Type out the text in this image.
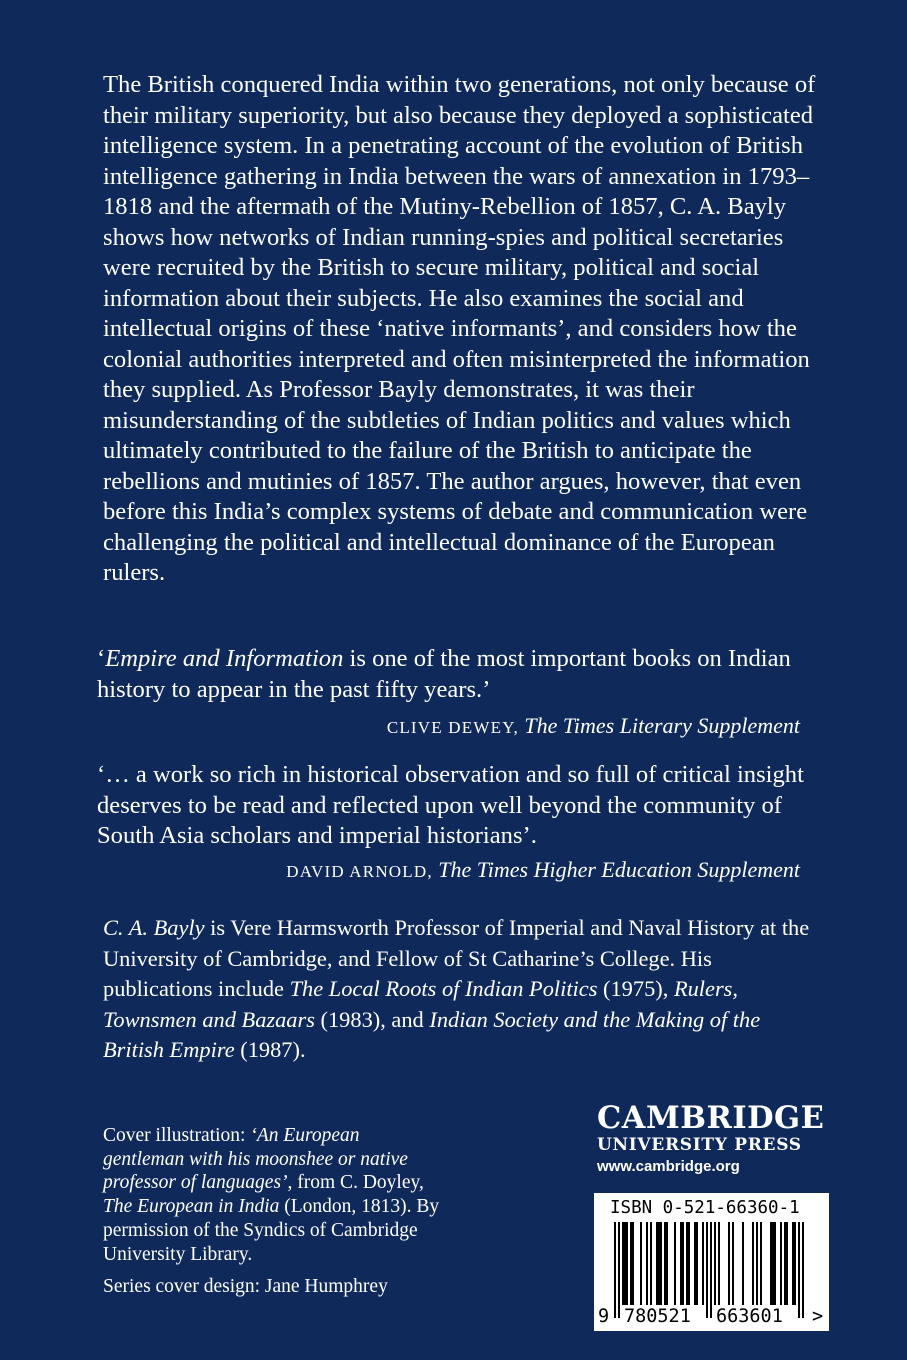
The British conquered India within two generations, not only because of their military superiority, but also because they deployed a sophisticated intelligence system. In a penetrating account of the evolution of British intelligence gathering in India between the wars of annexation in 1793–1818 and the aftermath of the Mutiny-Rebellion of 1857, C. A. Bayly shows how networks of Indian running-spies and political secretaries were recruited by the British to secure military, political and social information about their subjects. He also examines the social and intellectual origins of these ‘native informants’, and considers how the colonial authorities interpreted and often misinterpreted the information they supplied. As Professor Bayly demonstrates, it was their misunderstanding of the subtleties of Indian politics and values which ultimately contributed to the failure of the British to anticipate the rebellions and mutinies of 1857. The author argues, however, that even before this India’s complex systems of debate and communication were challenging the political and intellectual dominance of the European rulers.

‘Empire and Information is one of the most important books on Indian history to appear in the past fifty years.’

CLIVE DEWEY, The Times Literary Supplement

‘… a work so rich in historical observation and so full of critical insight deserves to be read and reflected upon well beyond the community of South Asia scholars and imperial historians’.

DAVID ARNOLD, The Times Higher Education Supplement

C. A. Bayly is Vere Harmsworth Professor of Imperial and Naval History at the University of Cambridge, and Fellow of St Catharine’s College. His publications include The Local Roots of Indian Politics (1975), Rulers, Townsmen and Bazaars (1983), and Indian Society and the Making of the British Empire (1987).

Cover illustration: ‘An European gentleman with his moonshee or native professor of languages’, from C. Doyley, The European in India (London, 1813). By permission of the Syndics of Cambridge University Library.

Series cover design: Jane Humphrey

CAMBRIDGE
UNIVERSITY PRESS
www.cambridge.org
ISBN 0-521-66360-1
9 780521 663601 >
